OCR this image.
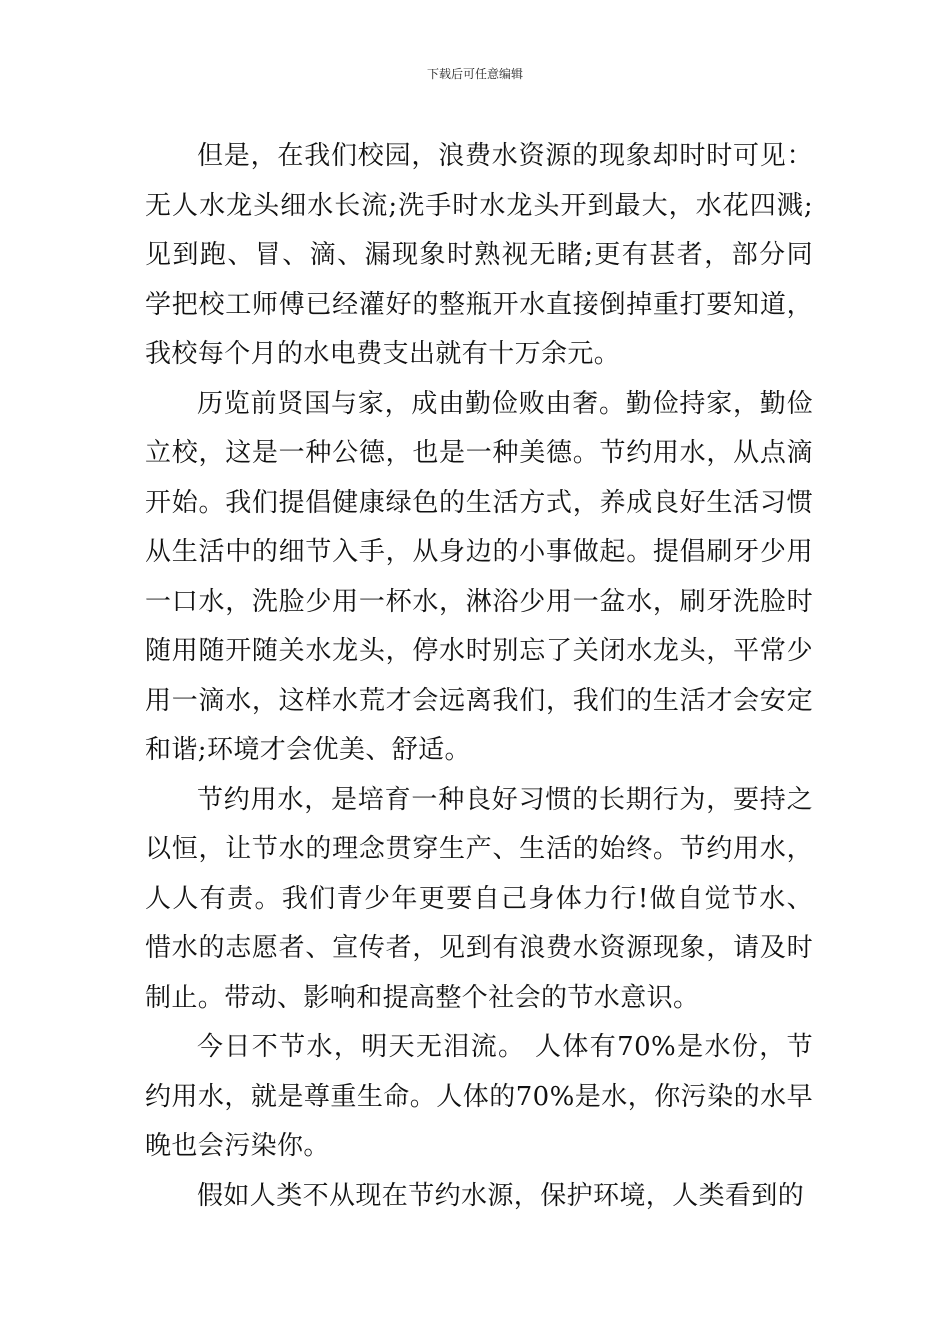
下载后可任意编辑

但是，在我们校园，浪费水资源的现象却时时可见：无人水龙头细水长流;洗手时水龙头开到最大，水花四溅;见到跑、冒、滴、漏现象时熟视无睹;更有甚者，部分同学把校工师傅已经灌好的整瓶开水直接倒掉重打要知道，我校每个月的水电费支出就有十万余元。

历览前贤国与家，成由勤俭败由奢。勤俭持家，勤俭立校，这是一种公德，也是一种美德。节约用水，从点滴开始。我们提倡健康绿色的生活方式，养成良好生活习惯从生活中的细节入手，从身边的小事做起。提倡刷牙少用一口水，洗脸少用一杯水，淋浴少用一盆水，刷牙洗脸时随用随开随关水龙头，停水时别忘了关闭水龙头，平常少用一滴水，这样水荒才会远离我们，我们的生活才会安定和谐;环境才会优美、舒适。

节约用水，是培育一种良好习惯的长期行为，要持之以恒，让节水的理念贯穿生产、生活的始终。节约用水，人人有责。我们青少年更要自己身体力行!做自觉节水、惜水的志愿者、宣传者，见到有浪费水资源现象，请及时制止。带动、影响和提高整个社会的节水意识。

今日不节水，明天无泪流。 人体有70%是水份，节约用水，就是尊重生命。人体的70%是水，你污染的水早晚也会污染你。

假如人类不从现在节约水源，保护环境，人类看到的
